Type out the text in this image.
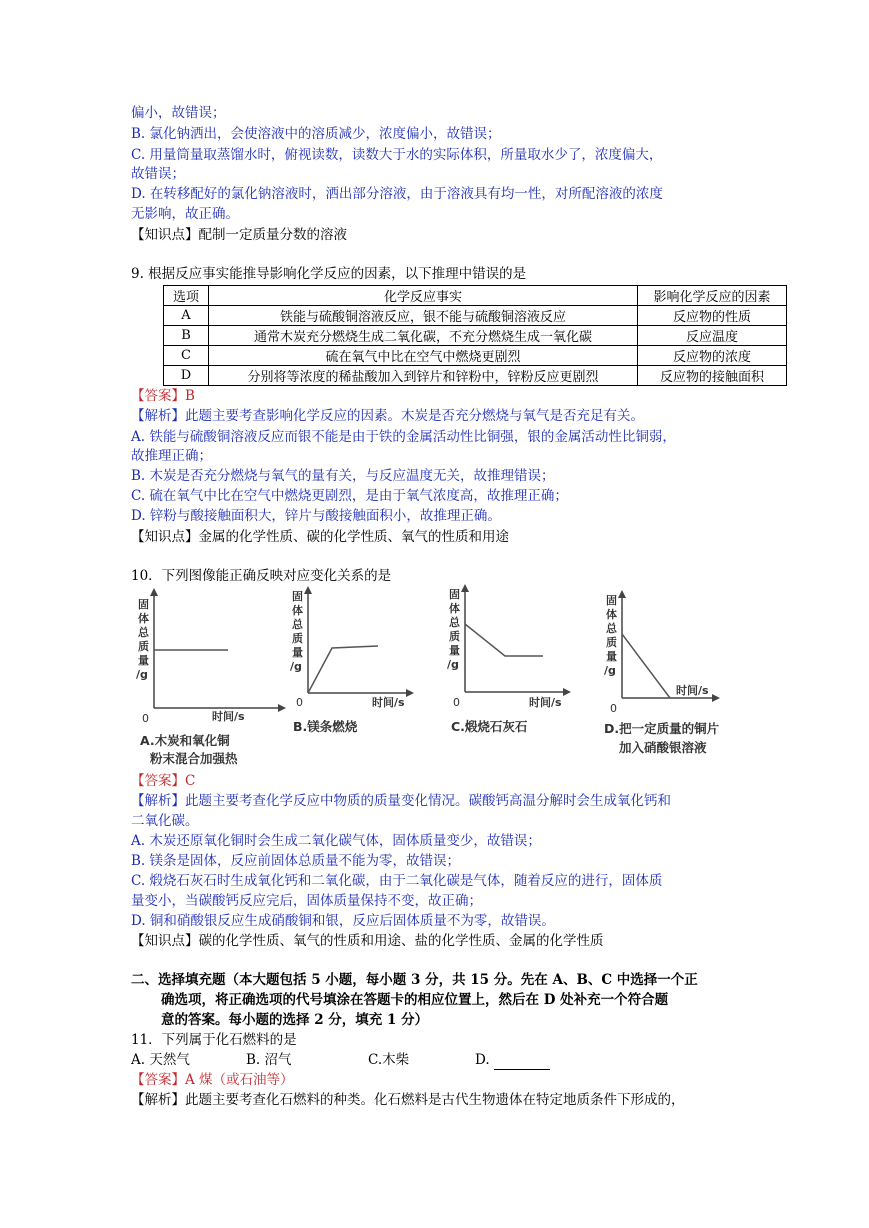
偏小，故错误；
B. 氯化钠洒出，会使溶液中的溶质减少，浓度偏小，故错误；
C. 用量筒量取蒸馏水时，俯视读数，读数大于水的实际体积，所量取水少了，浓度偏大，
故错误；
D. 在转移配好的氯化钠溶液时，洒出部分溶液，由于溶液具有均一性，对所配溶液的浓度
无影响，故正确。
【知识点】配制一定质量分数的溶液
9. 根据反应事实能推导影响化学反应的因素，以下推理中错误的是
选项	化学反应事实	影响化学反应的因素
A	铁能与硫酸铜溶液反应，银不能与硫酸铜溶液反应	反应物的性质
B	通常木炭充分燃烧生成二氧化碳，不充分燃烧生成一氧化碳	反应温度
C	硫在氧气中比在空气中燃烧更剧烈	反应物的浓度
D	分别将等浓度的稀盐酸加入到锌片和锌粉中，锌粉反应更剧烈	反应物的接触面积
【答案】B
【解析】此题主要考查影响化学反应的因素。木炭是否充分燃烧与氧气是否充足有关。
A. 铁能与硫酸铜溶液反应而银不能是由于铁的金属活动性比铜强，银的金属活动性比铜弱，
故推理正确；
B. 木炭是否充分燃烧与氧气的量有关，与反应温度无关，故推理错误；
C. 硫在氧气中比在空气中燃烧更剧烈，是由于氧气浓度高，故推理正确；
D. 锌粉与酸接触面积大，锌片与酸接触面积小，故推理正确。
【知识点】金属的化学性质、碳的化学性质、氧气的性质和用途
10．下列图像能正确反映对应变化关系的是
固
体
总
质
量
/g
0	时间/s
A.木炭和氧化铜
粉末混合加强热
固
体
总
质
量
/g
0	时间/s
B.镁条燃烧
固
体
总
质
量
/g
0	时间/s
C.煅烧石灰石
固
体
总
质
量
/g
0
时间/s
D.把一定质量的铜片
加入硝酸银溶液
【答案】C
【解析】此题主要考查化学反应中物质的质量变化情况。碳酸钙高温分解时会生成氧化钙和
二氧化碳。
A. 木炭还原氧化铜时会生成二氧化碳气体，固体质量变少，故错误；
B. 镁条是固体，反应前固体总质量不能为零，故错误；
C. 煅烧石灰石时生成氧化钙和二氧化碳，由于二氧化碳是气体，随着反应的进行，固体质
量变小，当碳酸钙反应完后，固体质量保持不变，故正确；
D. 铜和硝酸银反应生成硝酸铜和银，反应后固体质量不为零，故错误。
【知识点】碳的化学性质、氧气的性质和用途、盐的化学性质、金属的化学性质
二、选择填充题（本大题包括 5 小题，每小题 3 分，共 15 分。先在 A、B、C 中选择一个正
确选项，将正确选项的代号填涂在答题卡的相应位置上，然后在 D 处补充一个符合题
意的答案。每小题的选择 2 分，填充 1 分）
11．下列属于化石燃料的是
A. 天然气	B. 沼气	C.木柴	D.
【答案】A 煤（或石油等）
【解析】此题主要考查化石燃料的种类。化石燃料是古代生物遗体在特定地质条件下形成的，
